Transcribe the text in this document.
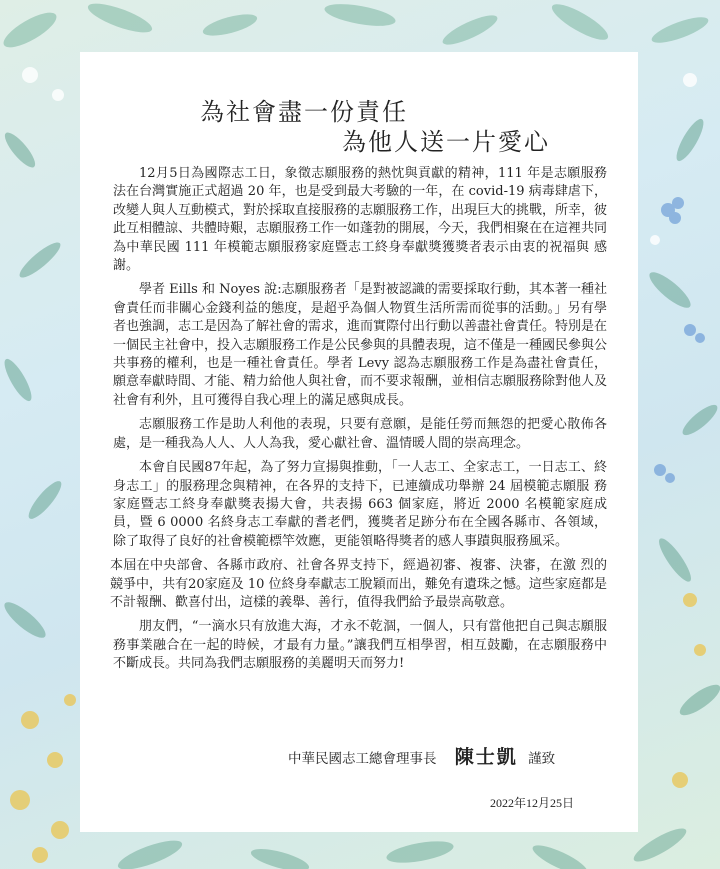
為社會盡一份責任
為他人送一片愛心

12月5日為國際志工日，象徵志願服務的熱忱與貢獻的精神，111 年是志願服務 法在台灣實施正式超過 20 年，也是受到最大考驗的一年，在 covid-19 病毒肆虐下， 改變人與人互動模式，對於採取直接服務的志願服務工作，出現巨大的挑戰，所幸，彼此互相體諒、共體時艱，志願服務工作一如蓬勃的開展，今天，我們相聚在在這裡共同為中華民國 111 年模範志願服務家庭暨志工終身奉獻獎獲獎者表示由衷的祝福與 感謝。

學者 Eills 和 Noyes 說:志願服務者「是對被認識的需要採取行動，其本著一種社會責任而非關心金錢利益的態度，是超乎為個人物質生活所需而從事的活動。」另有學者也強調，志工是因為了解社會的需求，進而實際付出行動以善盡社會責任。特別是在一個民主社會中，投入志願服務工作是公民參與的具體表現，這不僅是一種國民參與公共事務的權利，也是一種社會責任。學者 Levy 認為志願服務工作是為盡社會責任，願意奉獻時間、才能、精力給他人與社會，而不要求報酬，並相信志願服務除對他人及社會有利外，且可獲得自我心理上的滿足感與成長。

志願服務工作是助人利他的表現，只要有意願，是能任勞而無怨的把愛心散佈各處，是一種我為人人、人人為我，愛心獻社會、溫情暖人間的崇高理念。

本會自民國87年起，為了努力宣揚與推動，「一人志工、全家志工，一日志工、終身志工」的服務理念與精神，在各界的支持下，已連續成功舉辦 24 屆模範志願服 務家庭暨志工終身奉獻獎表揚大會，共表揚 663 個家庭，將近 2000 名模範家庭成 員，暨 6 0000 名終身志工奉獻的耆老們，獲獎者足跡分布在全國各縣市、各領域，除了取得了良好的社會模範標竿效應，更能領略得獎者的感人事蹟與服務風采。

本屆在中央部會、各縣市政府、社會各界支持下，經過初審、複審、決審，在激 烈的競爭中，共有20家庭及 10 位終身奉獻志工脫穎而出，難免有遺珠之憾。這些家庭都是不計報酬、歡喜付出，這樣的義舉、善行，值得我們給予最崇高敬意。

朋友們，“一滴水只有放進大海，才永不乾涸，一個人，只有當他把自己與志願服務事業融合在一起的時候，才最有力量。”讓我們互相學習，相互鼓勵，在志願服務中不斷成長。共同為我們志願服務的美麗明天而努力!

中華民國志工總會理事長 陳士凱 謹致
2022年12月25日
